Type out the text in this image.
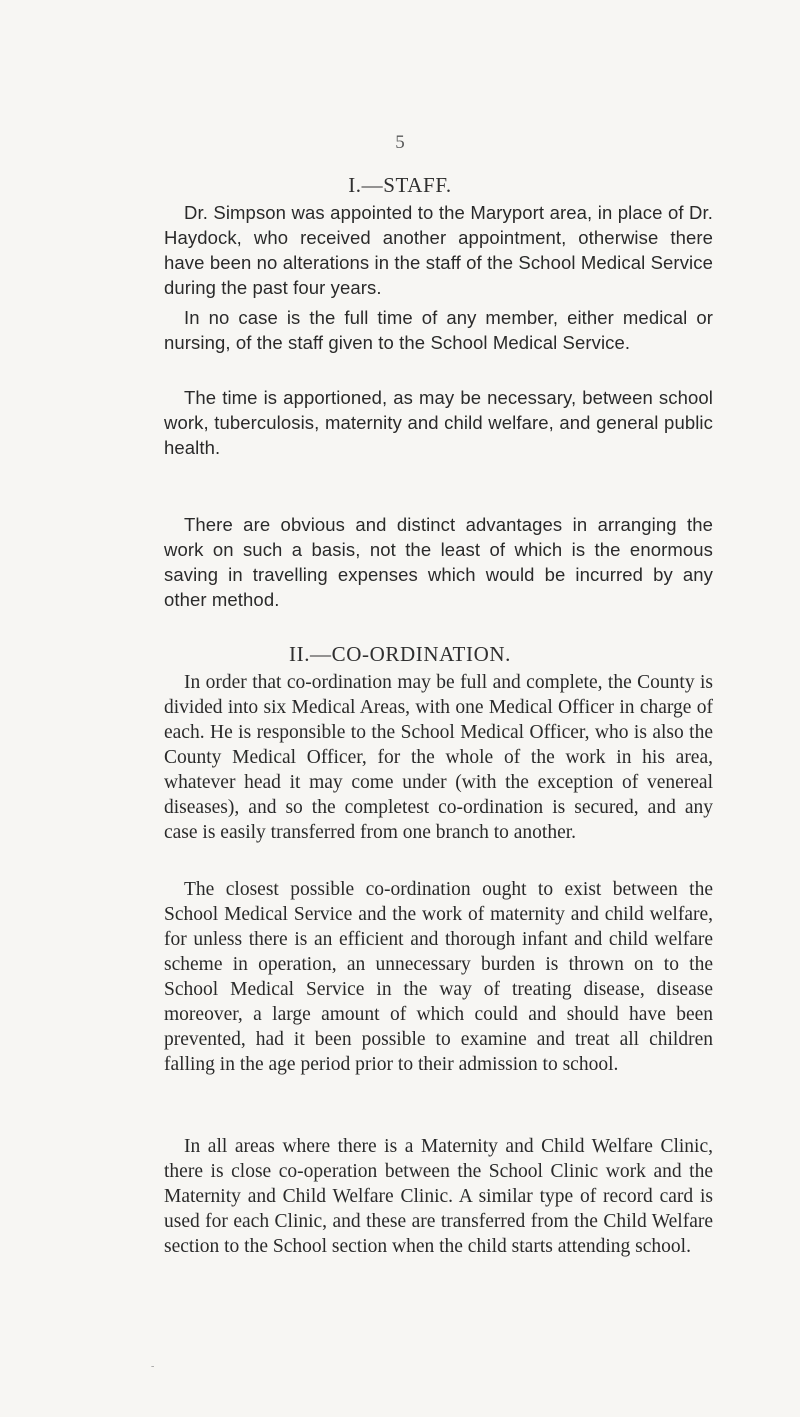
5
I.—STAFF.

Dr. Simpson was appointed to the Maryport area, in place of Dr. Haydock, who received another appointment, otherwise there have been no alterations in the staff of the School Medical Service during the past four years.

In no case is the full time of any member, either medical or nursing, of the staff given to the School Medical Service.

The time is apportioned, as may be necessary, between school work, tuberculosis, maternity and child welfare, and general public health.

There are obvious and distinct advantages in arranging the work on such a basis, not the least of which is the enormous saving in travelling expenses which would be incurred by any other method.

II.—CO-ORDINATION.

In order that co-ordination may be full and complete, the County is divided into six Medical Areas, with one Medical Officer in charge of each. He is responsible to the School Medical Officer, who is also the County Medical Officer, for the whole of the work in his area, whatever head it may come under (with the exception of venereal diseases), and so the completest co-ordination is secured, and any case is easily transferred from one branch to another.

The closest possible co-ordination ought to exist between the School Medical Service and the work of maternity and child welfare, for unless there is an efficient and thorough infant and child welfare scheme in operation, an unnecessary burden is thrown on to the School Medical Service in the way of treating disease, disease moreover, a large amount of which could and should have been prevented, had it been possible to examine and treat all children falling in the age period prior to their admission to school.

In all areas where there is a Maternity and Child Welfare Clinic, there is close co-operation between the School Clinic work and the Maternity and Child Welfare Clinic. A similar type of record card is used for each Clinic, and these are transferred from the Child Welfare section to the School section when the child starts attending school.

-
